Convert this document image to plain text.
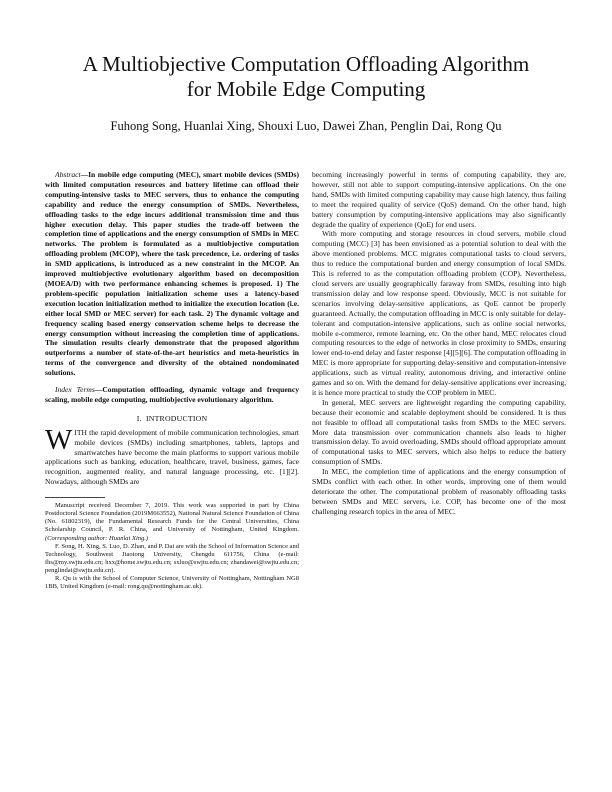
A Multiobjective Computation Offloading Algorithm
for Mobile Edge Computing
Fuhong Song, Huanlai Xing, Shouxi Luo, Dawei Zhan, Penglin Dai, Rong Qu

Abstract—In mobile edge computing (MEC), smart mobile devices (SMDs) with limited computation resources and battery lifetime can offload their computing-intensive tasks to MEC servers, thus to enhance the computing capability and reduce the energy consumption of SMDs. Nevertheless, offloading tasks to the edge incurs additional transmission time and thus higher execution delay. This paper studies the trade-off between the completion time of applications and the energy consumption of SMDs in MEC networks. The problem is formulated as a multiobjective computation offloading problem (MCOP), where the task precedence, i.e. ordering of tasks in SMD applications, is introduced as a new constraint in the MCOP. An improved multiobjective evolutionary algorithm based on decomposition (MOEA/D) with two performance enhancing schemes is proposed. 1) The problem-specific population initialization scheme uses a latency-based execution location initialization method to initialize the execution location (i.e. either local SMD or MEC server) for each task. 2) The dynamic voltage and frequency scaling based energy conservation scheme helps to decrease the energy consumption without increasing the completion time of applications. The simulation results clearly demonstrate that the proposed algorithm outperforms a number of state-of-the-art heuristics and meta-heuristics in terms of the convergence and diversity of the obtained nondominated solutions.

Index Terms—Computation offloading, dynamic voltage and frequency scaling, mobile edge computing, multiobjective evolutionary algorithm.

I. INTRODUCTION

WITH the rapid development of mobile communication technologies, smart mobile devices (SMDs) including smartphones, tablets, laptops and smartwatches have become the main platforms to support various mobile applications such as banking, education, healthcare, travel, business, games, face recognition, augmented reality, and natural language processing, etc. [1][2]. Nowadays, although SMDs are

Manuscript received December 7, 2019. This work was supported in part by China Postdoctoral Science Foundation (2019M663552), National Natural Science Foundation of China (No. 61802319), the Fundamental Research Funds for the Central Universities, China Scholarship Council, P. R. China, and University of Nottingham, United Kingdom. (Corresponding author: Huanlai Xing.)

F. Song, H. Xing, S. Luo, D. Zhan, and P. Dai are with the School of Information Science and Technology, Southwest Jiaotong University, Chengdu 611756, China (e-mail: fhs@my.swjtu.edu.cn; hxx@home.swjtu.edu.cn; sxluo@swjtu.edu.cn; zhandawei@swjtu.edu.cn; penglindai@swjtu.edu.cn).

R. Qu is with the School of Computer Science, University of Nottingham, Nottingham NG8 1BB, United Kingdom (e-mail: rong.qu@nottingham.ac.uk).

becoming increasingly powerful in terms of computing capability, they are, however, still not able to support computing-intensive applications. On the one hand, SMDs with limited computing capability may cause high latency, thus failing to meet the required quality of service (QoS) demand. On the other hand, high battery consumption by computing-intensive applications may also significantly degrade the quality of experience (QoE) for end users.

With more computing and storage resources in cloud servers, mobile cloud computing (MCC) [3] has been envisioned as a potential solution to deal with the above mentioned problems. MCC migrates computational tasks to cloud servers, thus to reduce the computational burden and energy consumption of local SMDs. This is referred to as the computation offloading problem (COP). Nevertheless, cloud servers are usually geographically faraway from SMDs, resulting into high transmission delay and low response speed. Obviously, MCC is not suitable for scenarios involving delay-sensitive applications, as QoE cannot be properly guaranteed. Actually, the computation offloading in MCC is only suitable for delay-tolerant and computation-intensive applications, such as online social networks, mobile e-commerce, remote learning, etc. On the other hand, MEC relocates cloud computing resources to the edge of networks in close proximity to SMDs, ensuring lower end-to-end delay and faster response [4][5][6]. The computation offloading in MEC is more appropriate for supporting delay-sensitive and computation-intensive applications, such as virtual reality, autonomous driving, and interactive online games and so on. With the demand for delay-sensitive applications ever increasing, it is hence more practical to study the COP problem in MEC.

In general, MEC servers are lightweight regarding the computing capability, because their economic and scalable deployment should be considered. It is thus not feasible to offload all computational tasks from SMDs to the MEC servers. More data transmission over communication channels also leads to higher transmission delay. To avoid overloading, SMDs should offload appropriate amount of computational tasks to MEC servers, which also helps to reduce the battery consumption of SMDs.

In MEC, the completion time of applications and the energy consumption of SMDs conflict with each other. In other words, improving one of them would deteriorate the other. The computational problem of reasonably offloading tasks between SMDs and MEC servers, i.e. COP, has become one of the most challenging research topics in the area of MEC.
